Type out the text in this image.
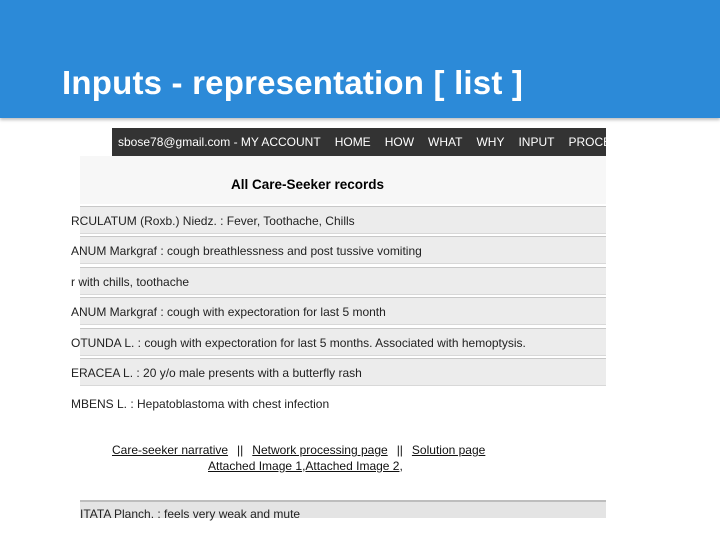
Inputs - representation [ list ]
sbose78@gmail.com - MY ACCOUNT HOME HOW WHAT WHY INPUT PROCESS
All Care-Seeker records
RCULATUM (Roxb.) Niedz. : Fever, Toothache, Chills
ANUM Markgraf : cough breathlessness and post tussive vomiting
r with chills, toothache
ANUM Markgraf : cough with expectoration for last 5 month
OTUNDA L. : cough with expectoration for last 5 months. Associated with hemoptysis.
ERACEA L. : 20 y/o male presents with a butterfly rash
MBENS L. : Hepatoblastoma with chest infection
Care-seeker narrative || Network processing page || Solution page
Attached Image 1,Attached Image 2,
ITATA Planch. : feels very weak and mute
